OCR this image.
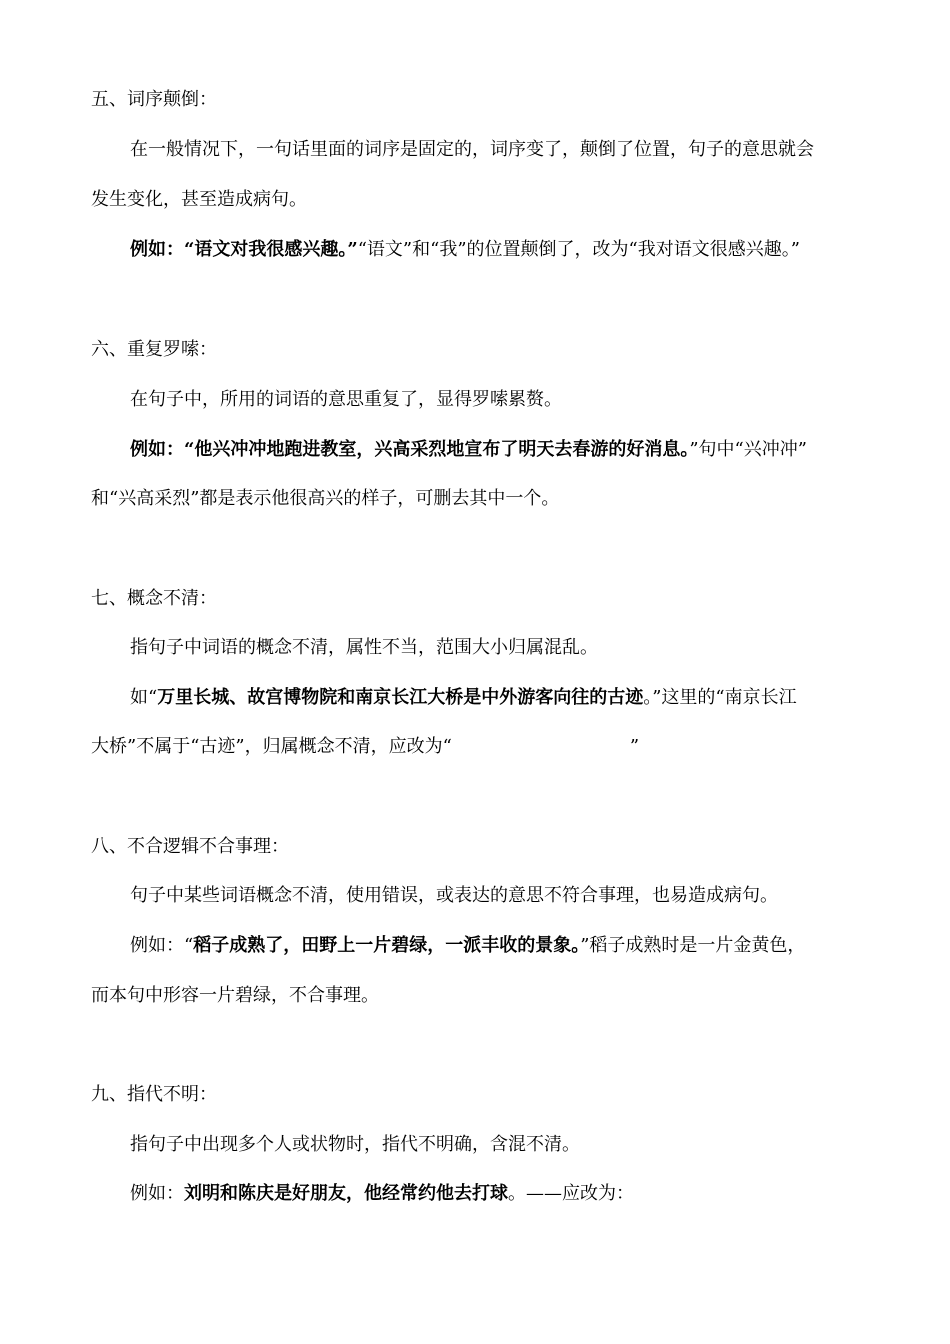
五、词序颠倒：
在一般情况下，一句话里面的词序是固定的，词序变了，颠倒了位置，句子的意思就会
发生变化，甚至造成病句。
例如：“语文对我很感兴趣。”“语文”和“我”的位置颠倒了，改为“我对语文很感兴趣。”
六、重复罗嗦：
在句子中，所用的词语的意思重复了，显得罗嗦累赘。
例如：“他兴冲冲地跑进教室，兴高采烈地宣布了明天去春游的好消息。”句中“兴冲冲”
和“兴高采烈”都是表示他很高兴的样子，可删去其中一个。
七、概念不清：
指句子中词语的概念不清，属性不当，范围大小归属混乱。
如“万里长城、故宫博物院和南京长江大桥是中外游客向往的古迹。”这里的“南京长江
大桥”不属于“古迹”，归属概念不清，应改为“	”
八、不合逻辑不合事理：
句子中某些词语概念不清，使用错误，或表达的意思不符合事理，也易造成病句。
例如：“稻子成熟了，田野上一片碧绿，一派丰收的景象。”稻子成熟时是一片金黄色，
而本句中形容一片碧绿，不合事理。
九、指代不明：
指句子中出现多个人或状物时，指代不明确，含混不清。
例如：刘明和陈庆是好朋友，他经常约他去打球。——应改为：
